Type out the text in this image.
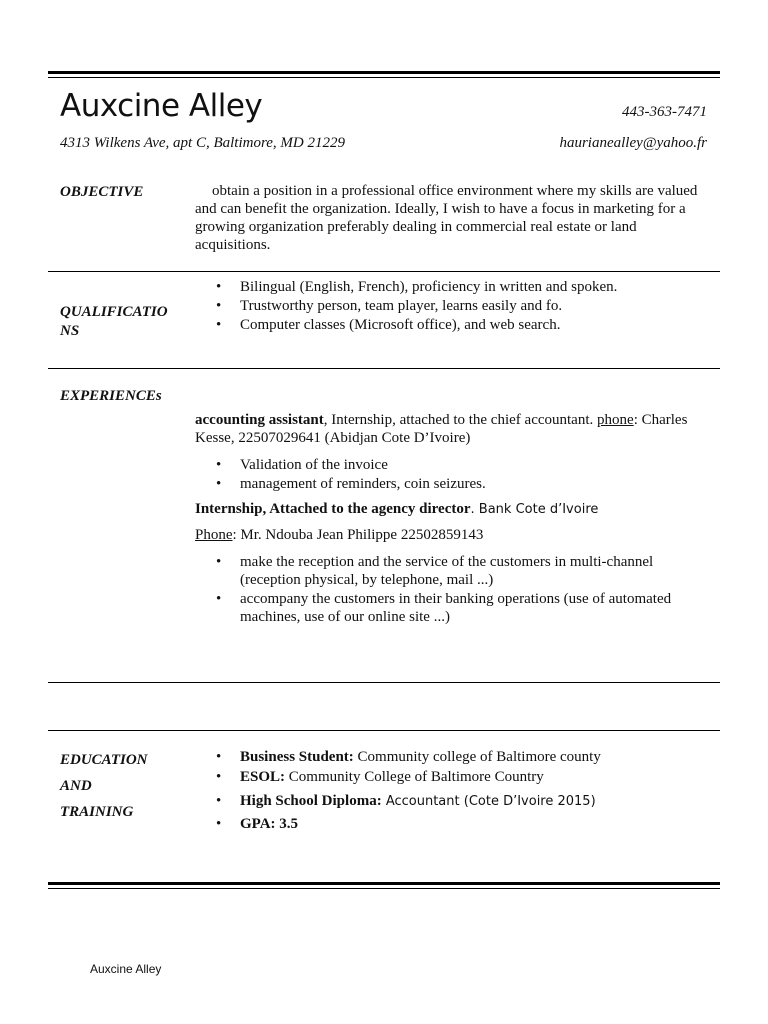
Auxcine Alley	443-363-7471
4313 Wilkens Ave, apt C, Baltimore, MD 21229	haurianealley@yahoo.fr
OBJECTIVE	obtain a position in a professional office environment where my skills are valued and can benefit the organization. Ideally, I wish to have a focus in marketing for a growing organization preferably dealing in commercial real estate or land acquisitions.
QUALIFICATIO
NS
• Bilingual (English, French), proficiency in written and spoken.
• Trustworthy person, team player, learns easily and fo.
• Computer classes (Microsoft office), and web search.
EXPERIENCEs
accounting assistant, Internship, attached to the chief accountant. phone: Charles Kesse, 22507029641 (Abidjan Cote D’Ivoire)
• Validation of the invoice
• management of reminders, coin seizures.
Internship, Attached to the agency director. Bank Cote d’Ivoire
Phone: Mr. Ndouba Jean Philippe 22502859143
• make the reception and the service of the customers in multi-channel (reception physical, by telephone, mail ...)
• accompany the customers in their banking operations (use of automated machines, use of our online site ...)
EDUCATION
AND
TRAINING
• Business Student: Community college of Baltimore county
• ESOL: Community College of Baltimore Country
• High School Diploma: Accountant (Cote D’Ivoire 2015)
• GPA: 3.5
Auxcine Alley
